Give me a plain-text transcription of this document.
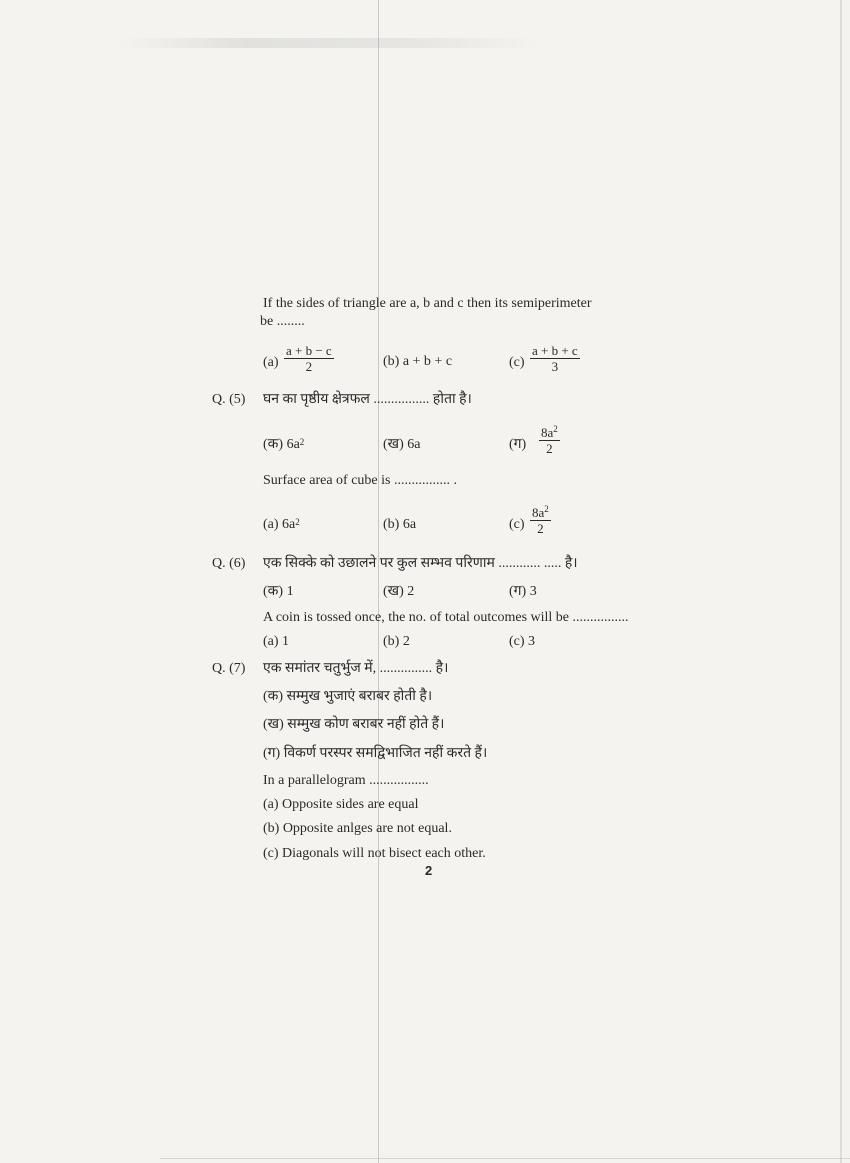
If the sides of triangle are a, b and c then its semiperimeter
be ........
$(a) \frac{a + b - c}{2}$	(b) a + b + c	$(c) \frac{a + b + c}{3}$
Q. (5) घन का पृष्ठीय क्षेत्रफल ................ होता है।
(क) $6a^2$	(ख) 6a	(ग) $\frac{8a^2}{2}$
Surface area of cube is ................ .
(a) $6a^2$	(b) 6a	$(c) \frac{8a^2}{2}$
Q. (6) एक सिक्के को उछालने पर कुल सम्भव परिणाम ............ ..... है।
(क) 1	(ख) 2	(ग) 3
A coin is tossed once, the no. of total outcomes will be ................
(a) 1	(b) 2	(c) 3
Q. (7) एक समांतर चतुर्भुज में, ............... है।
(क) सम्मुख भुजाएं बराबर होती है।
(ख) सम्मुख कोण बराबर नहीं होते हैं।
(ग) विकर्ण परस्पर समद्विभाजित नहीं करते हैं।
In a parallelogram .................
(a) Opposite sides are equal
(b) Opposite anlges are not equal.
(c) Diagonals will not bisect each other.
2
